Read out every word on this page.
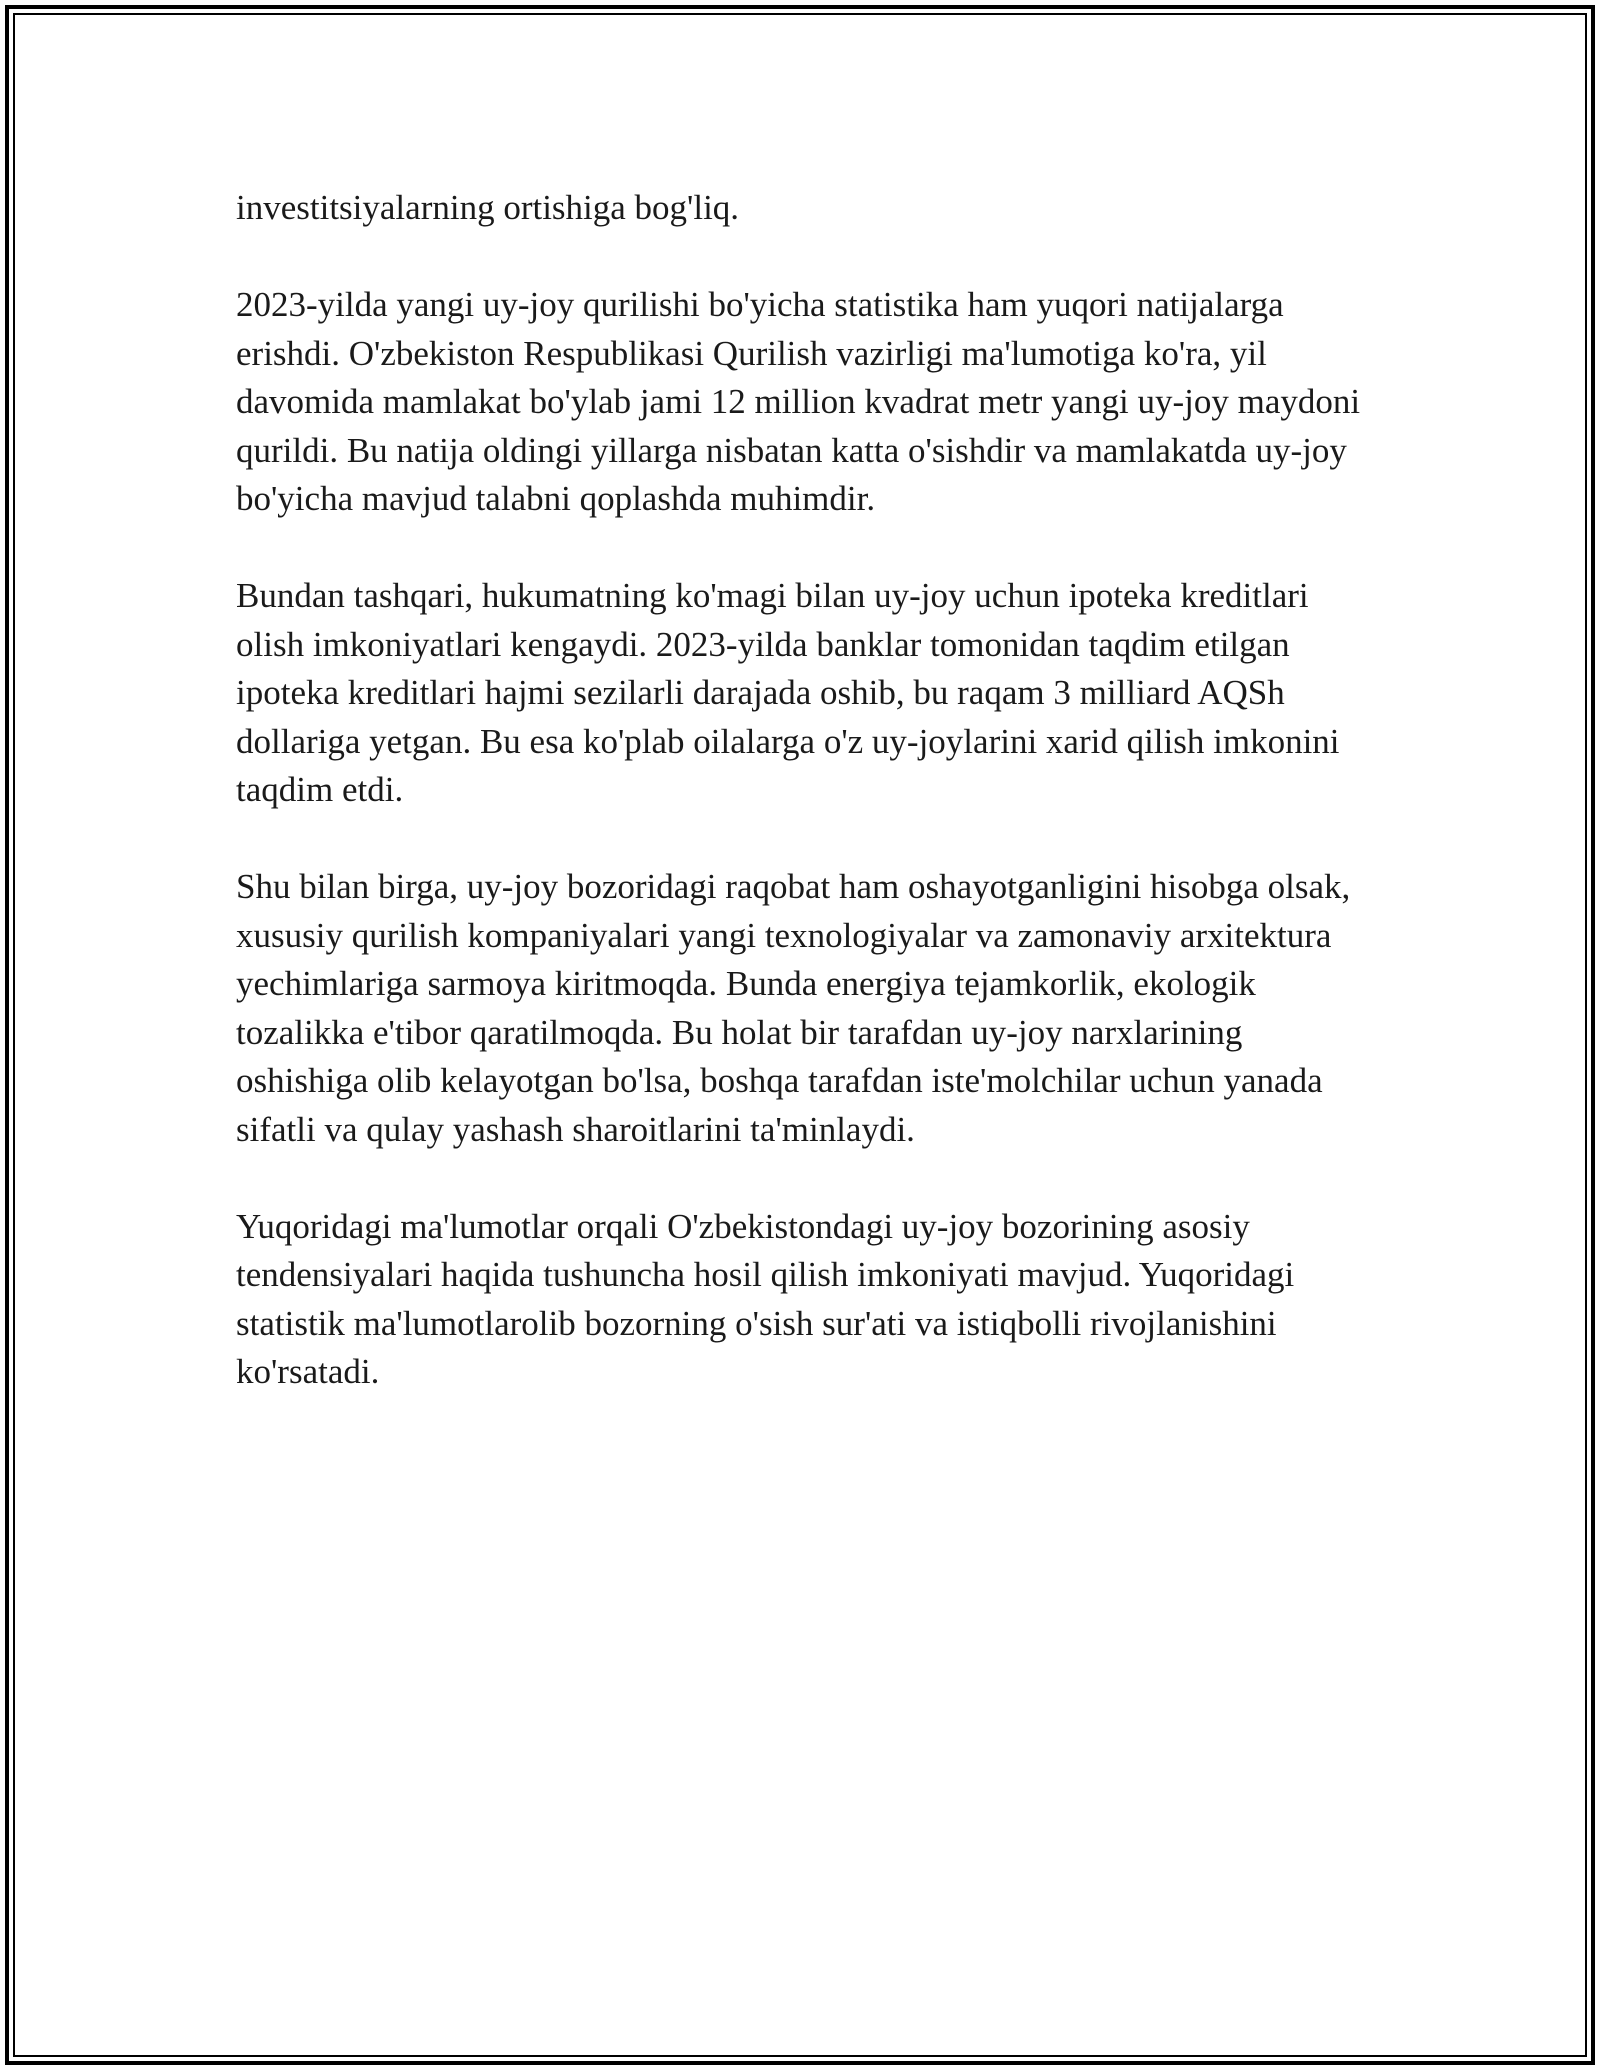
investitsiyalarning ortishiga bog'liq.

2023-yilda yangi uy-joy qurilishi bo'yicha statistika ham yuqori natijalarga erishdi. O'zbekiston Respublikasi Qurilish vazirligi ma'lumotiga ko'ra, yil davomida mamlakat bo'ylab jami 12 million kvadrat metr yangi uy-joy maydoni qurildi. Bu natija oldingi yillarga nisbatan katta o'sishdir va mamlakatda uy-joy bo'yicha mavjud talabni qoplashda muhimdir.

Bundan tashqari, hukumatning ko'magi bilan uy-joy uchun ipoteka kreditlari olish imkoniyatlari kengaydi. 2023-yilda banklar tomonidan taqdim etilgan ipoteka kreditlari hajmi sezilarli darajada oshib, bu raqam 3 milliard AQSh dollariga yetgan. Bu esa ko'plab oilalarga o'z uy-joylarini xarid qilish imkonini taqdim etdi.

Shu bilan birga, uy-joy bozoridagi raqobat ham oshayotganligini hisobga olsak, xususiy qurilish kompaniyalari yangi texnologiyalar va zamonaviy arxitektura yechimlariga sarmoya kiritmoqda. Bunda energiya tejamkorlik, ekologik tozalikka e'tibor qaratilmoqda. Bu holat bir tarafdan uy-joy narxlarining oshishiga olib kelayotgan bo'lsa, boshqa tarafdan iste'molchilar uchun yanada sifatli va qulay yashash sharoitlarini ta'minlaydi.

Yuqoridagi ma'lumotlar orqali O'zbekistondagi uy-joy bozorining asosiy tendensiyalari haqida tushuncha hosil qilish imkoniyati mavjud. Yuqoridagi statistik ma'lumotlarolib bozorning o'sish sur'ati va istiqbolli rivojlanishini ko'rsatadi.
